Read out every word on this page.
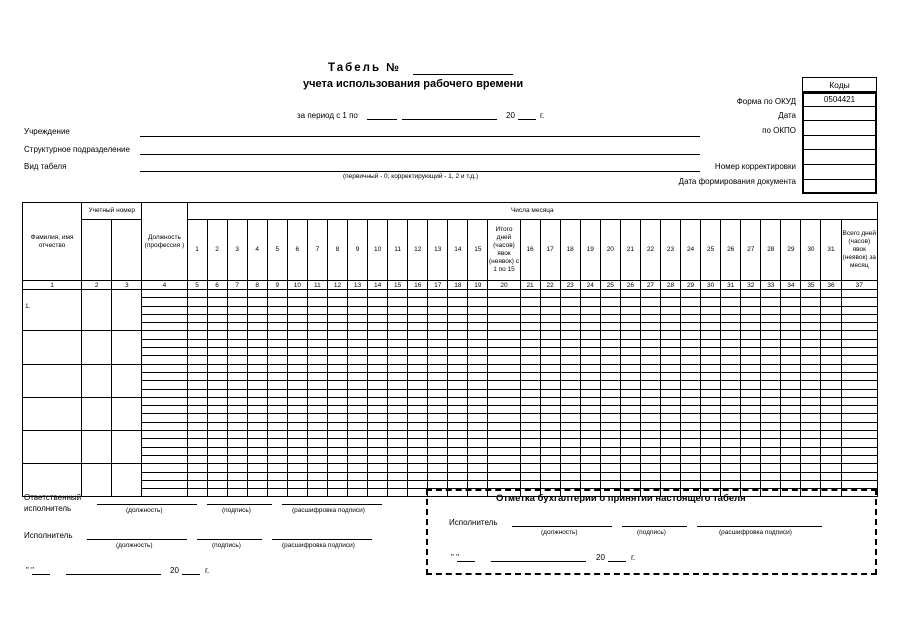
Табель №
учета использования рабочего времени
за период с 1 по	20	г.
Учреждение
Структурное подразделение
Вид табеля
(первичный - 0; корректирующий - 1, 2 и т.д.)
Форма по ОКУД
Дата
по ОКПО
Номер корректировки
Дата формирования документа
Коды
0504421
Фамилия, имя отчество	Учетный номер		Должность (профессия )	Числа месяца																																
				1	2	3	4	5	6	7	8	9	10	11	12	13	14	15	Итого дней (часов) явок (неявок) с 1 по 15	16	17	18	19	20	21	22	23	24	25	26	27	28	29	30	31	Всего дней (часов) явок (неявок) за месяц
1	2	3	4	5	6	7	8	9	10	11	12	13	14	15	16	17	18	19	20	21	22	23	24	25	26	27	28	29	30	31	32	33	34	35	36	37

1.																																				

Ответственный
исполнитель	(должность)	(подпись)	(расшифровка подписи)
Исполнитель
(должность)	(подпись)	(расшифровка подписи)
" "	20	г.
Отметка бухгалтерии о принятии настоящего табеля
Исполнитель
(должность)	(подпись)	(расшифровка подписи)
" "	20	г.
